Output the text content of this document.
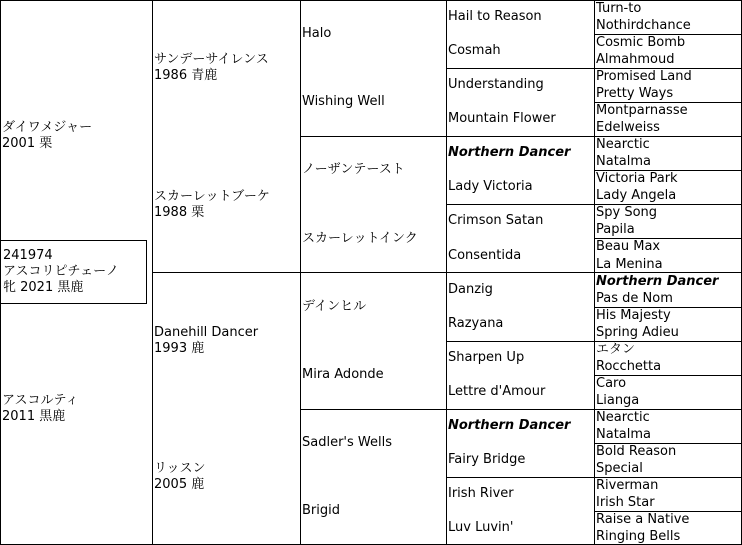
241974
アスコリピチェーノ
牝 2021 黒鹿
ダイワメジャー
2001 栗
アスコルティ
2011 黒鹿
サンデーサイレンス
1986 青鹿
スカーレットブーケ
1988 栗
Danehill Dancer
1993 鹿
リッスン
2005 鹿
Halo
Wishing Well
ノーザンテースト
スカーレットインク
デインヒル
Mira Adonde
Sadler's Wells
Brigid
Hail to Reason
Cosmah
Understanding
Mountain Flower
Northern Dancer
Lady Victoria
Crimson Satan
Consentida
Danzig
Razyana
Sharpen Up
Lettre d'Amour
Northern Dancer
Fairy Bridge
Irish River
Luv Luvin'
Turn-to
Nothirdchance
Cosmic Bomb
Almahmoud
Promised Land
Pretty Ways
Montparnasse
Edelweiss
Nearctic
Natalma
Victoria Park
Lady Angela
Spy Song
Papila
Beau Max
La Menina
Northern Dancer
Pas de Nom
His Majesty
Spring Adieu
エタン
Rocchetta
Caro
Lianga
Nearctic
Natalma
Bold Reason
Special
Riverman
Irish Star
Raise a Native
Ringing Bells
